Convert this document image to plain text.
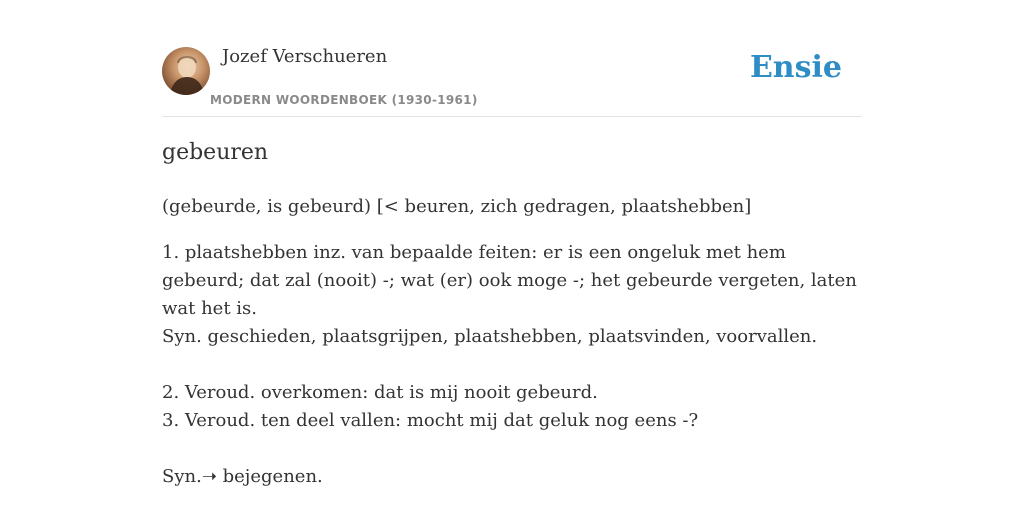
Jozef Verschueren
MODERN WOORDENBOEK (1930-1961)
Ensie
gebeuren
(gebeurde, is gebeurd) [< beuren, zich gedragen, plaatshebben]
1. plaatshebben inz. van bepaalde feiten: er is een ongeluk met hem gebeurd; dat zal (nooit) -; wat (er) ook moge -; het gebeurde vergeten, laten wat het is.
Syn. geschieden, plaatsgrijpen, plaatshebben, plaatsvinden, voorvallen.
2. Veroud. overkomen: dat is mij nooit gebeurd.
3. Veroud. ten deel vallen: mocht mij dat geluk nog eens -?
Syn.➝ bejegenen.
